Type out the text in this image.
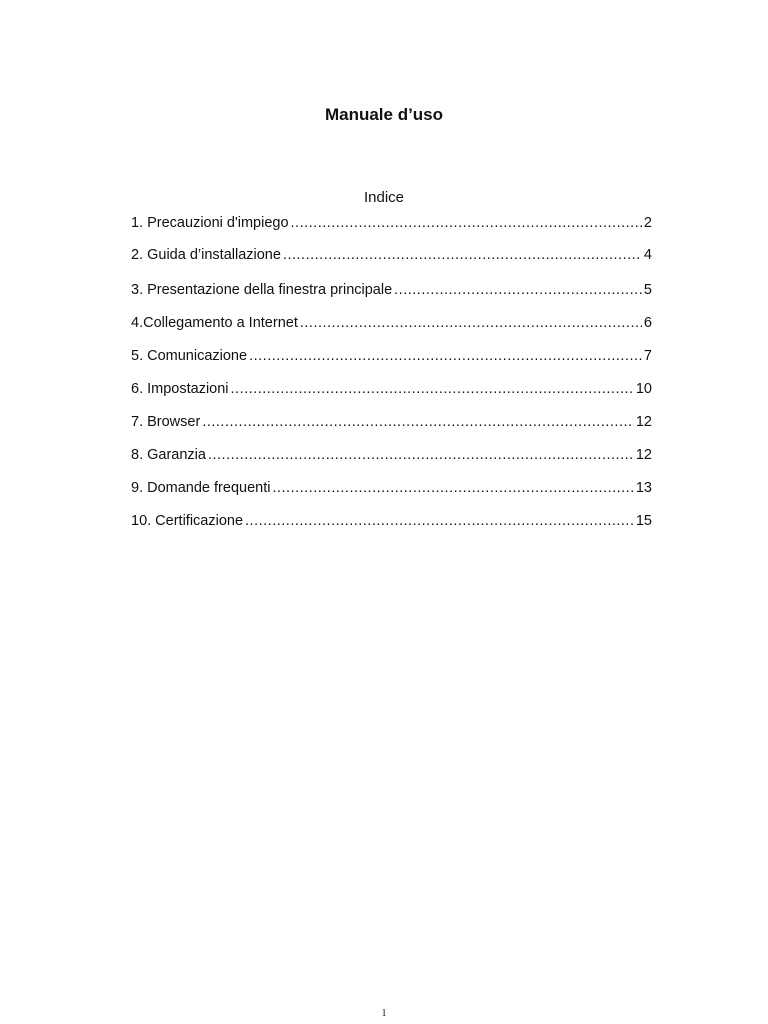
Manuale d’uso
Indice
1. Precauzioni d'impiego .....	2
2. Guida d’installazione .....	4
3. Presentazione della finestra principale .....	5
4.Collegamento a Internet .....	6
5. Comunicazione .....	7
6. Impostazioni .....	10
7. Browser .....	12
8. Garanzia .....	12
9. Domande frequenti .....	13
10. Certificazione .....	15
1
